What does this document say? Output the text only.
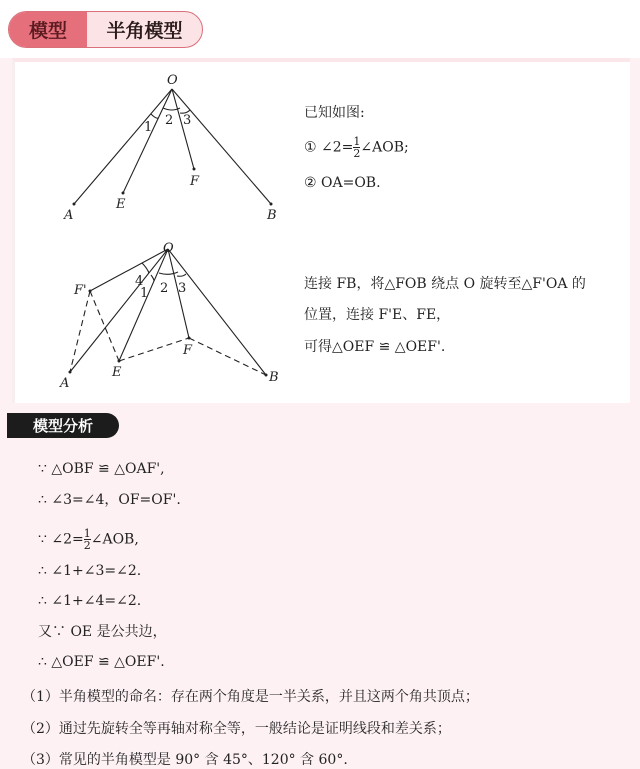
模型	半角模型
O
A
E
F
B
1 2 3
O
F'
A
E
F
B
4
1 2 3
已知如图:
① ∠2= $\frac{1}{2}$ ∠AOB;
② OA=OB.
连接 FB，将△FOB 绕点 O 旋转至△F'OA 的
位置，连接 F'E、FE，
可得△OEF ≌ △OEF'.
模型分析
∵ △OBF ≌ △OAF',
∴ ∠3=∠4，OF=OF'.
∵ ∠2= $\frac{1}{2}$ ∠AOB,
∴ ∠1+∠3=∠2.
∴ ∠1+∠4=∠2.
又∵ OE 是公共边，
∴ △OEF ≌ △OEF'.
（1）半角模型的命名：存在两个角度是一半关系，并且这两个角共顶点；
（2）通过先旋转全等再轴对称全等，一般结论是证明线段和差关系；
（3）常见的半角模型是 90° 含 45°、120° 含 60°.
